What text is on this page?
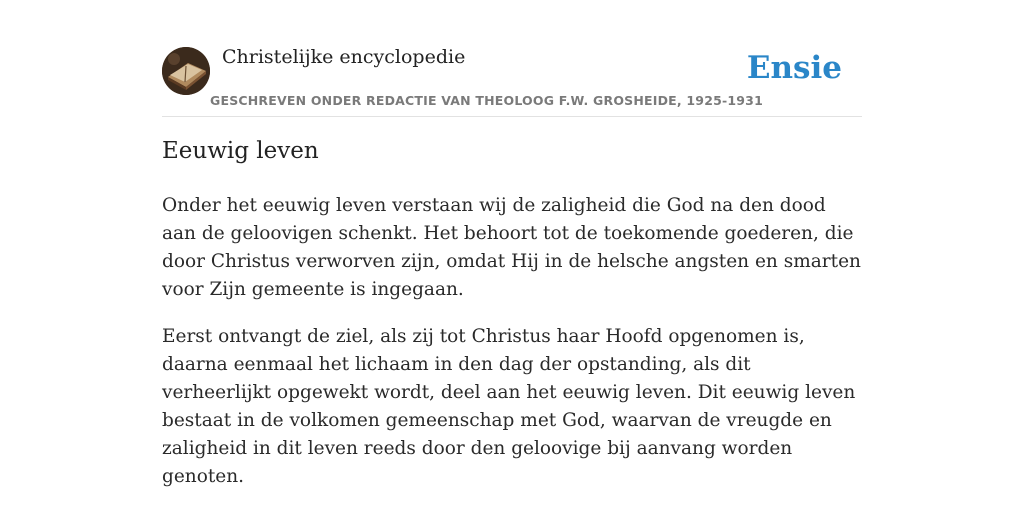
Christelijke encyclopedie
GESCHREVEN ONDER REDACTIE VAN THEOLOOG F.W. GROSHEIDE, 1925-1931
Ensie
Eeuwig leven

Onder het eeuwig leven verstaan wij de zaligheid die God na den dood aan de geloovigen schenkt. Het behoort tot de toekomende goederen, die door Christus verworven zijn, omdat Hij in de helsche angsten en smarten voor Zijn gemeente is ingegaan.

Eerst ontvangt de ziel, als zij tot Christus haar Hoofd opgenomen is, daarna eenmaal het lichaam in den dag der opstanding, als dit verheerlijkt opgewekt wordt, deel aan het eeuwig leven. Dit eeuwig leven bestaat in de volkomen gemeenschap met God, waarvan de vreugde en zaligheid in dit leven reeds door den geloovige bij aanvang worden genoten.
